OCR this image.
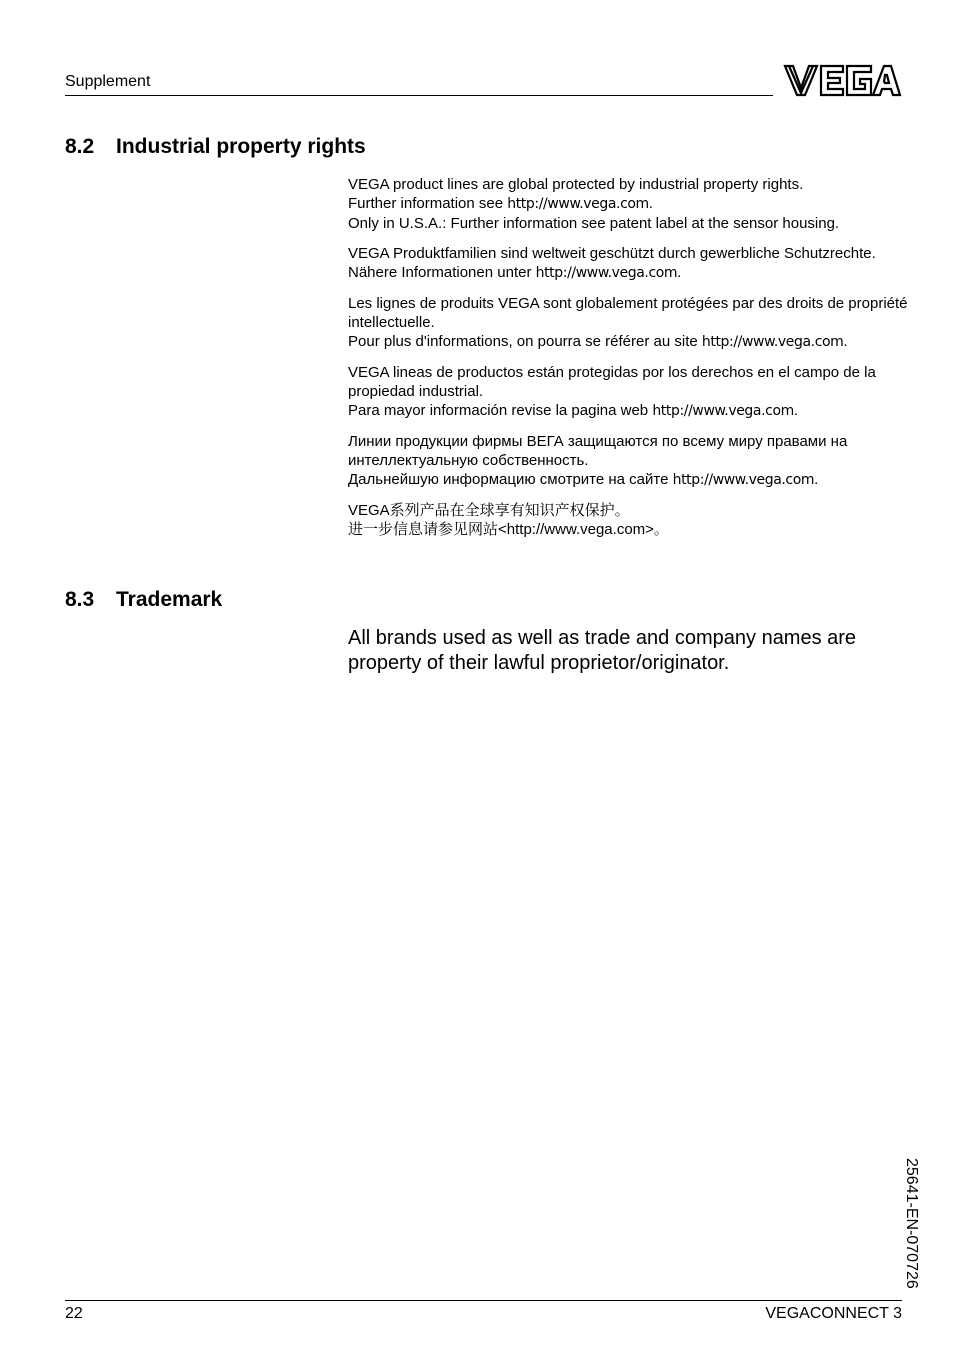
Supplement
8.2 Industrial property rights
VEGA product lines are global protected by industrial property rights.
Further information see http://www.vega.com.
Only in U.S.A.: Further information see patent label at the sensor housing.
VEGA Produktfamilien sind weltweit geschützt durch gewerbliche Schutzrechte.
Nähere Informationen unter http://www.vega.com.
Les lignes de produits VEGA sont globalement protégées par des droits de propriété intellectuelle.
Pour plus d'informations, on pourra se référer au site http://www.vega.com.
VEGA lineas de productos están protegidas por los derechos en el campo de la propiedad industrial.
Para mayor información revise la pagina web http://www.vega.com.
Линии продукции фирмы ВЕГА защищаются по всему миру правами на интеллектуальную собственность.
Дальнейшую информацию смотрите на сайте http://www.vega.com.
VEGA系列产品在全球享有知识产权保护。
进一步信息请参见网站<http://www.vega.com>。
8.3 Trademark
All brands used as well as trade and company names are property of their lawful proprietor/originator.
25641-EN-070726
22	VEGACONNECT 3
